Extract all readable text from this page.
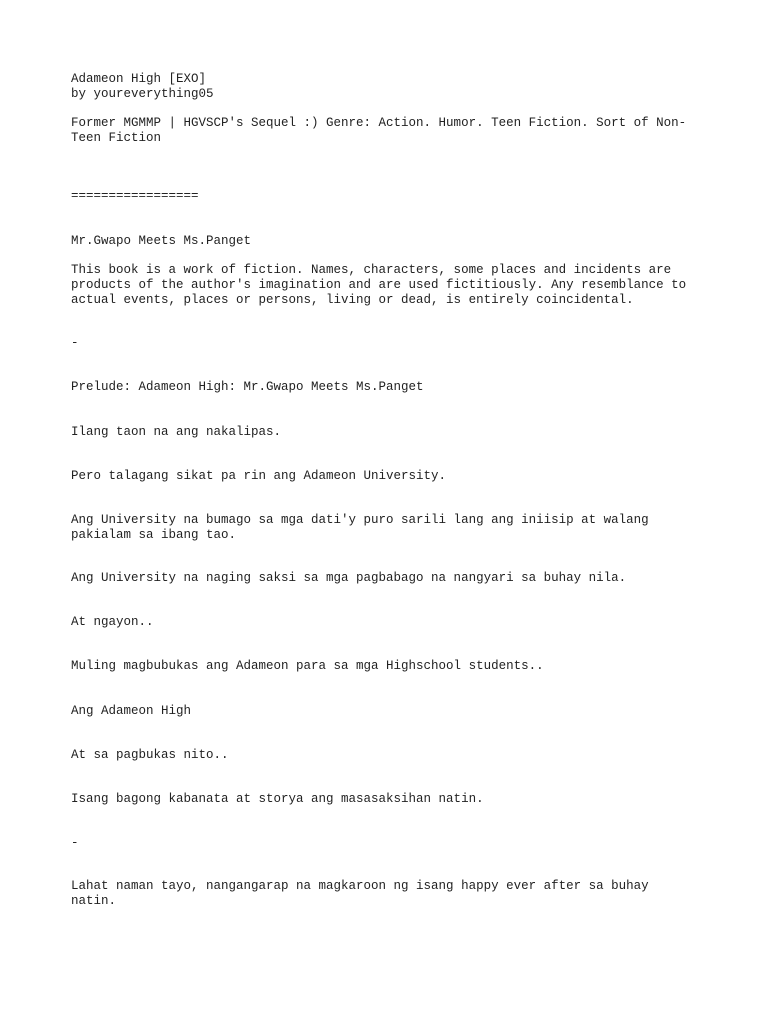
Adameon High [EXO]

by youreverything05

Former MGMMP | HGVSCP's Sequel :) Genre: Action. Humor. Teen Fiction. Sort of Non-Teen Fiction

=================

Mr.Gwapo Meets Ms.Panget

This book is a work of fiction. Names, characters, some places and incidents are products of the author's imagination and are used fictitiously. Any resemblance to actual events, places or persons, living or dead, is entirely coincidental.

-

Prelude: Adameon High: Mr.Gwapo Meets Ms.Panget

Ilang taon na ang nakalipas.

Pero talagang sikat pa rin ang Adameon University.

Ang University na bumago sa mga dati'y puro sarili lang ang iniisip at walang pakialam sa ibang tao.

Ang University na naging saksi sa mga pagbabago na nangyari sa buhay nila.

At ngayon..

Muling magbubukas ang Adameon para sa mga Highschool students..

Ang Adameon High

At sa pagbukas nito..

Isang bagong kabanata at storya ang masasaksihan natin.

-

Lahat naman tayo, nangangarap na magkaroon ng isang happy ever after sa buhay natin.
